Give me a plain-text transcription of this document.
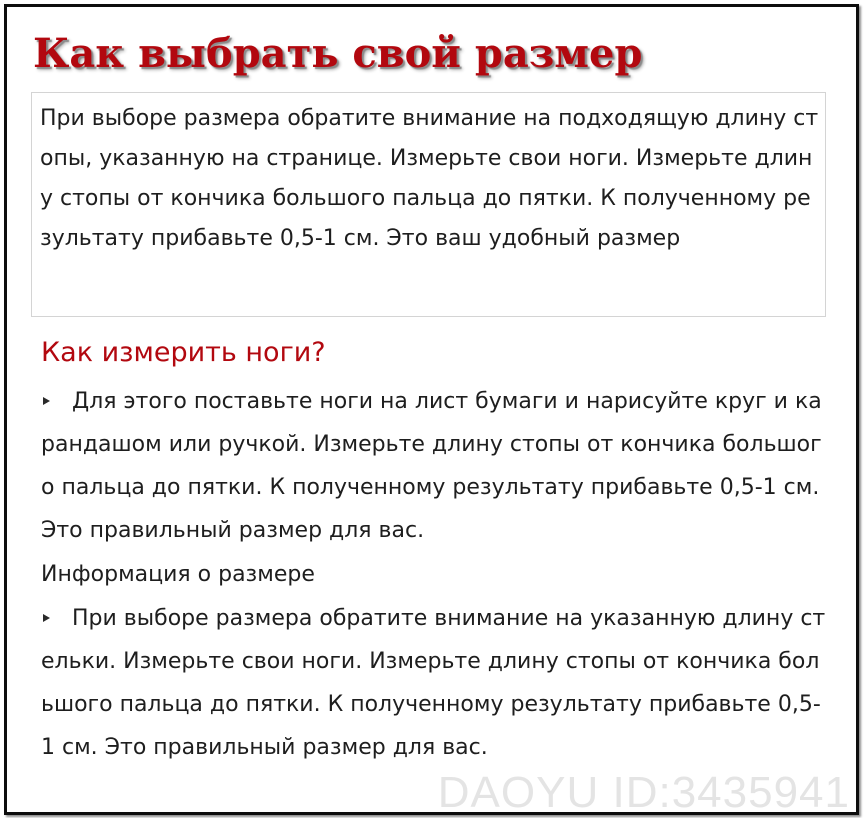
Как выбрать свой размер

При выборе размера обратите внимание на подходящую длину стопы, указанную на странице. Измерьте свои ноги. Измерьте длину стопы от кончика большого пальца до пятки. К полученному результату прибавьте 0,5-1 см. Это ваш удобный размер

Как измерить ноги?
Для этого поставьте ноги на лист бумаги и нарисуйте круг и карандашом или ручкой. Измерьте длину стопы от кончика большого пальца до пятки. К полученному результату прибавьте 0,5-1 см. Это правильный размер для вас.
Информация о размере
При выборе размера обратите внимание на указанную длину стельки. Измерьте свои ноги. Измерьте длину стопы от кончика большого пальца до пятки. К полученному результату прибавьте 0,5-1 см. Это правильный размер для вас.
DAOYU ID:3435941
